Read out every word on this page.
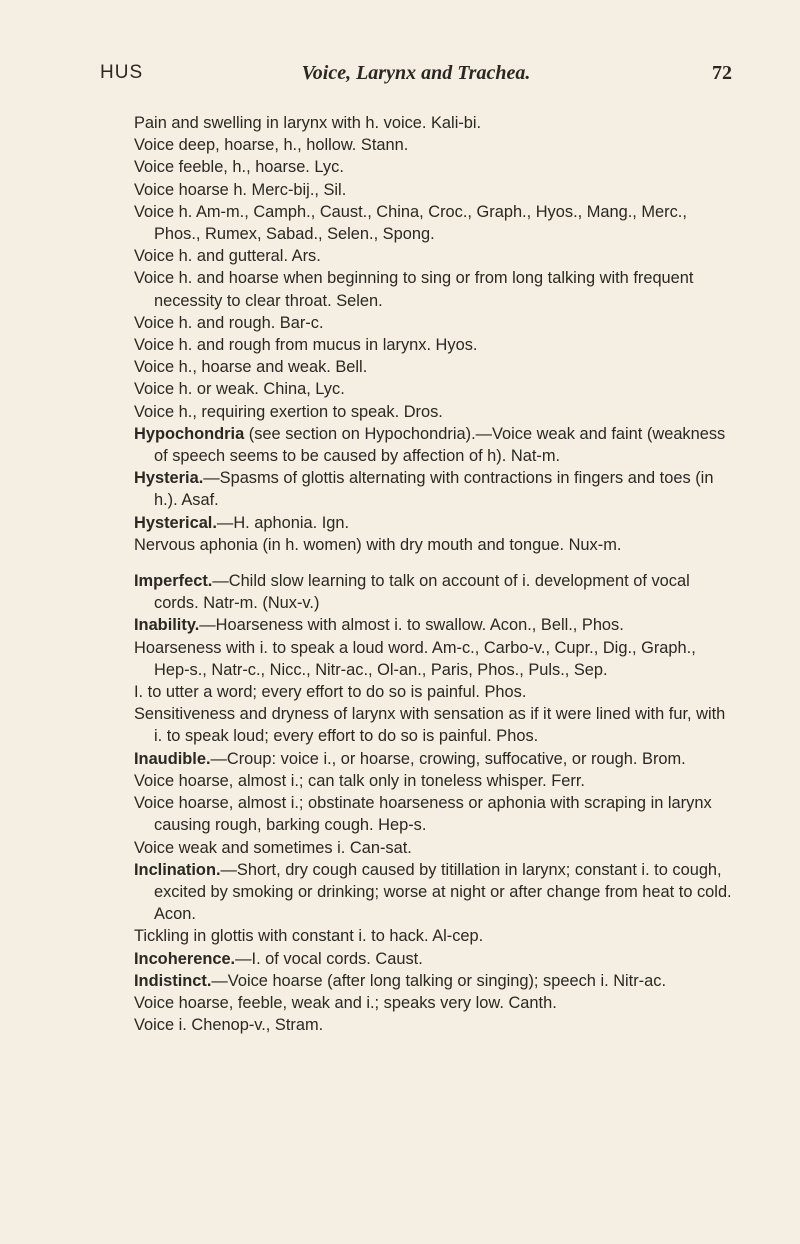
HUS	Voice, Larynx and Trachea.	72

Pain and swelling in larynx with h. voice. Kali-bi.

Voice deep, hoarse, h., hollow. Stann.

Voice feeble, h., hoarse. Lyc.

Voice hoarse h. Merc-bij., Sil.

Voice h. Am-m., Camph., Caust., China, Croc., Graph., Hyos., Mang., Merc., Phos., Rumex, Sabad., Selen., Spong.

Voice h. and gutteral. Ars.

Voice h. and hoarse when beginning to sing or from long talking with frequent necessity to clear throat. Selen.

Voice h. and rough. Bar-c.

Voice h. and rough from mucus in larynx. Hyos.

Voice h., hoarse and weak. Bell.

Voice h. or weak. China, Lyc.

Voice h., requiring exertion to speak. Dros.

Hypochondria (see section on Hypochondria).—Voice weak and faint (weakness of speech seems to be caused by affection of h). Nat-m.

Hysteria.—Spasms of glottis alternating with contractions in fingers and toes (in h.). Asaf.

Hysterical.—H. aphonia. Ign.

Nervous aphonia (in h. women) with dry mouth and tongue. Nux-m.

Imperfect.—Child slow learning to talk on account of i. development of vocal cords. Natr-m. (Nux-v.)

Inability.—Hoarseness with almost i. to swallow. Acon., Bell., Phos.

Hoarseness with i. to speak a loud word. Am-c., Carbo-v., Cupr., Dig., Graph., Hep-s., Natr-c., Nicc., Nitr-ac., Ol-an., Paris, Phos., Puls., Sep.

I. to utter a word; every effort to do so is painful. Phos.

Sensitiveness and dryness of larynx with sensation as if it were lined with fur, with i. to speak loud; every effort to do so is painful. Phos.

Inaudible.—Croup: voice i., or hoarse, crowing, suffocative, or rough. Brom.

Voice hoarse, almost i.; can talk only in toneless whisper. Ferr.

Voice hoarse, almost i.; obstinate hoarseness or aphonia with scraping in larynx causing rough, barking cough. Hep-s.

Voice weak and sometimes i. Can-sat.

Inclination.—Short, dry cough caused by titillation in larynx; constant i. to cough, excited by smoking or drinking; worse at night or after change from heat to cold. Acon.

Tickling in glottis with constant i. to hack. Al-cep.

Incoherence.—I. of vocal cords. Caust.

Indistinct.—Voice hoarse (after long talking or singing); speech i. Nitr-ac.

Voice hoarse, feeble, weak and i.; speaks very low. Canth.

Voice i. Chenop-v., Stram.
